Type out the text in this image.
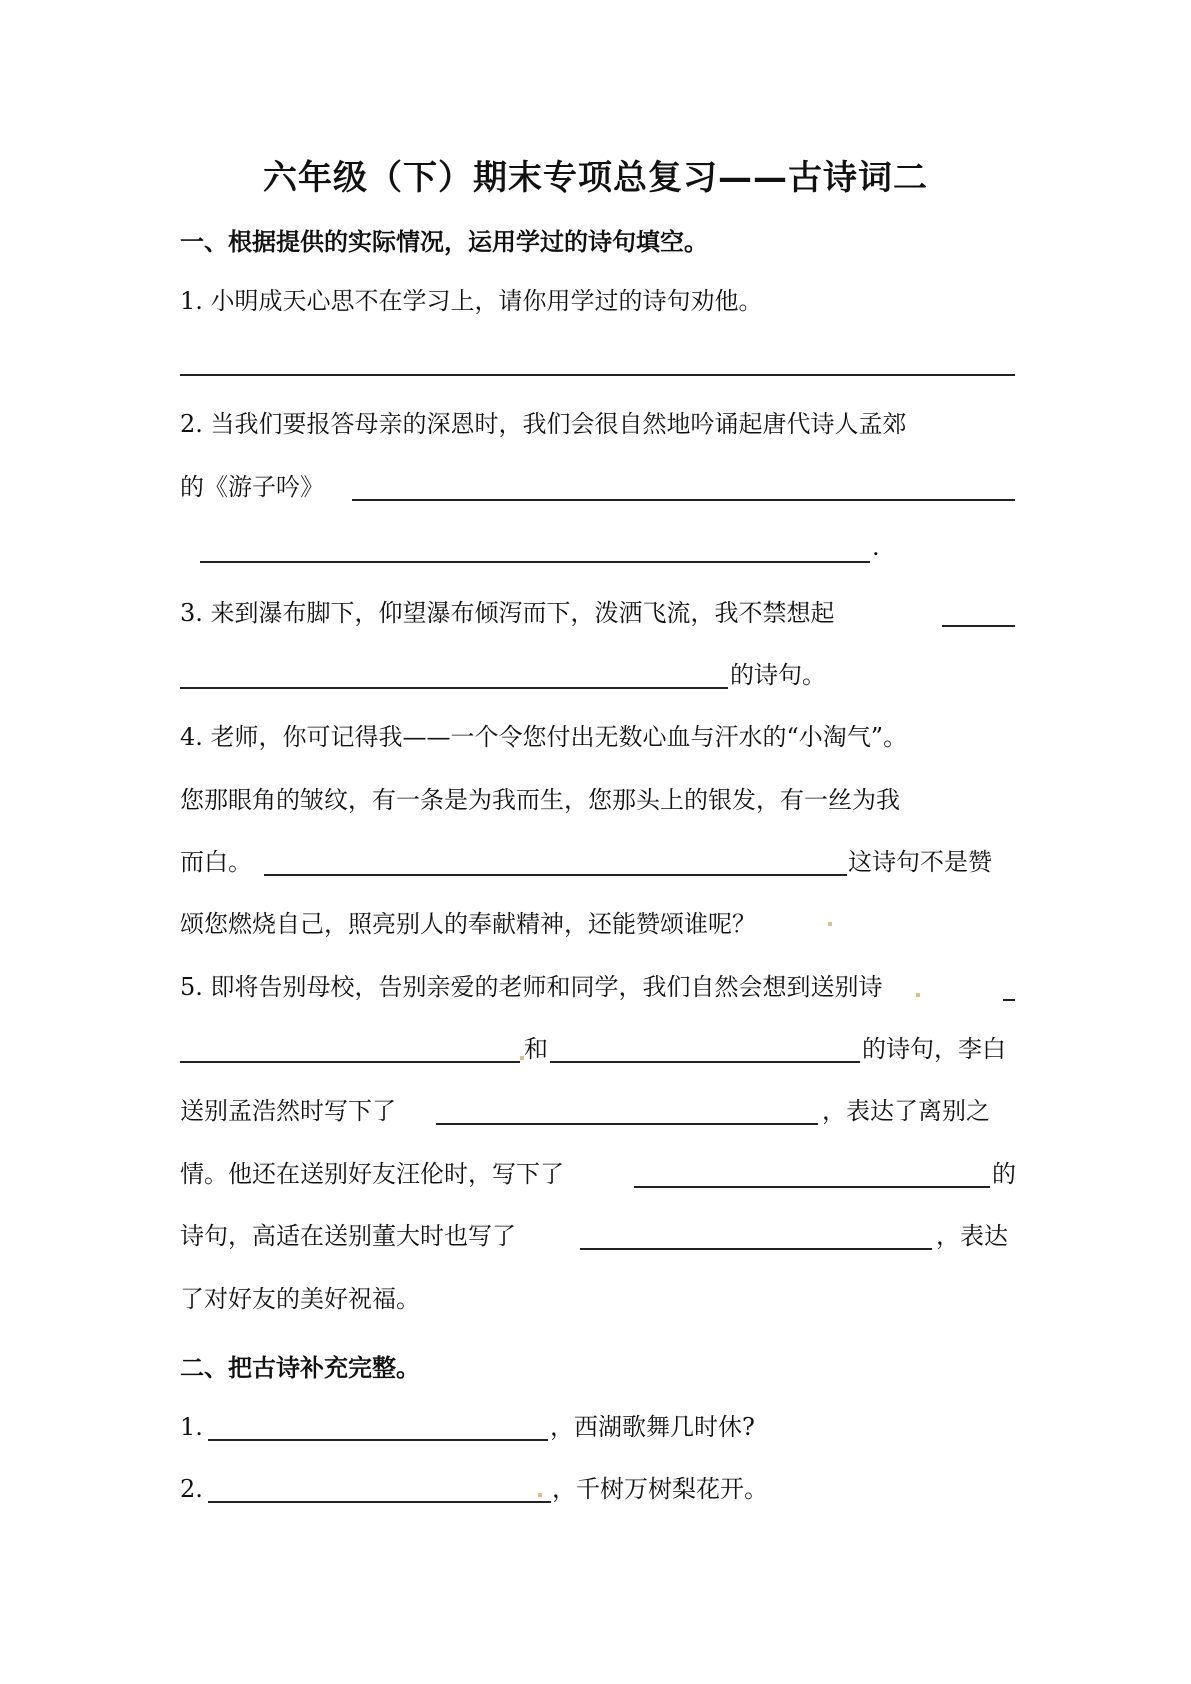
六年级（下）期末专项总复习——古诗词二
一、根据提供的实际情况，运用学过的诗句填空。
1. 小明成天心思不在学习上，请你用学过的诗句劝他。
2. 当我们要报答母亲的深恩时，我们会很自然地吟诵起唐代诗人孟郊
的《游子吟》
.
3. 来到瀑布脚下，仰望瀑布倾泻而下，泼洒飞流，我不禁想起
的诗句。
4. 老师，你可记得我——一个令您付出无数心血与汗水的“小淘气”。
您那眼角的皱纹，有一条是为我而生，您那头上的银发，有一丝为我
而白。	这诗句不是赞
颂您燃烧自己，照亮别人的奉献精神，还能赞颂谁呢？
5. 即将告别母校，告别亲爱的老师和同学，我们自然会想到送别诗
和	的诗句，李白
送别孟浩然时写下了	，表达了离别之
情。他还在送别好友汪伦时，写下了	的
诗句，高适在送别董大时也写了	，表达
了对好友的美好祝福。
二、把古诗补充完整。
1.	，西湖歌舞几时休?
2.	，千树万树梨花开。
